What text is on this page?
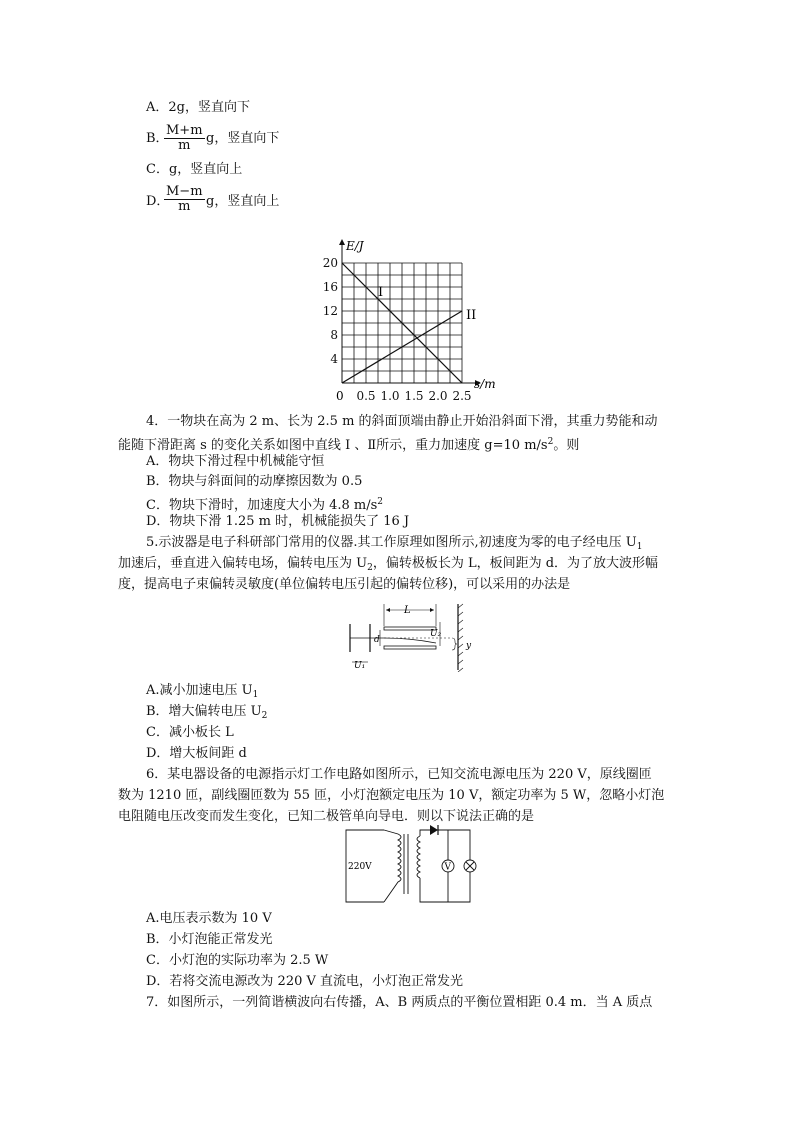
A．2g，竖直向下
B．
$\frac{M+m}{m}$ g，竖直向下
C．g，竖直向上
D．
$\frac{M-m}{m}$ g，竖直向上
20
16
12
8
4
0.5 1.0 1.5 2.0 2.5
E/J
s/m
0
I
II
4．一物块在高为 2 m、长为 2.5 m 的斜面顶端由静止开始沿斜面下滑，其重力势能和动
能随下滑距离 s 的变化关系如图中直线 Ⅰ 、Ⅱ所示，重力加速度 g=10 $m/s^2$。则
A．物块下滑过程中机械能守恒
B．物块与斜面间的动摩擦因数为 0.5
C．物块下滑时，加速度大小为 4.8 $m/s^2$
D．物块下滑 1.25 m 时，机械能损失了 16 J
5.示波器是电子科研部门常用的仪器.其工作原理如图所示,初速度为零的电子经电压 $U_1$
加速后，垂直进入偏转电场，偏转电压为 $U_2$，偏转极板长为 L，板间距为 d．为了放大波形幅
度，提高电子束偏转灵敏度(单位偏转电压引起的偏转位移)，可以采用的办法是
L
d
U₂
y
U₁
A.减小加速电压 $U_1$
B．增大偏转电压 $U_2$
C．减小板长 L
D．增大板间距 d
6．某电器设备的电源指示灯工作电路如图所示，已知交流电源电压为 220 V，原线圈匝
数为 1210 匝，副线圈匝数为 55 匝，小灯泡额定电压为 10 V，额定功率为 5 W，忽略小灯泡
电阻随电压改变而发生变化，已知二极管单向导电．则以下说法正确的是
220V	V
A.电压表示数为 10 V
B．小灯泡能正常发光
C．小灯泡的实际功率为 2.5 W
D．若将交流电源改为 220 V 直流电，小灯泡正常发光
7．如图所示，一列简谐横波向右传播，A、B 两质点的平衡位置相距 0.4 m．当 A 质点
